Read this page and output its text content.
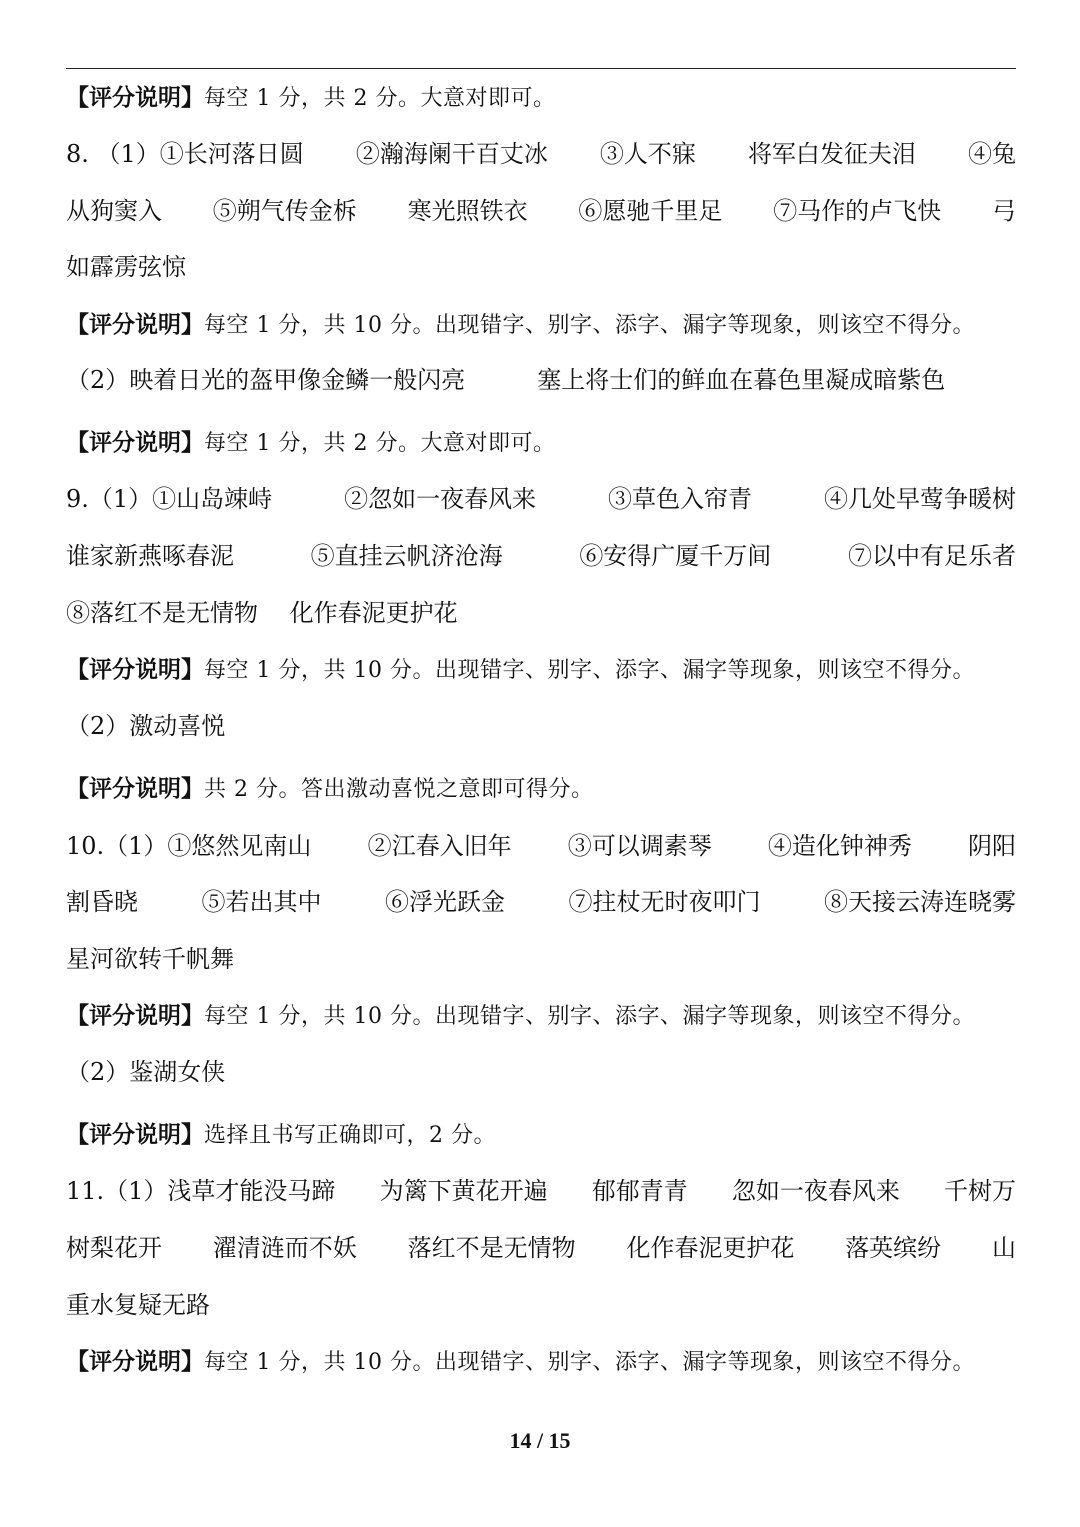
【评分说明】每空 1 分，共 2 分。大意对即可。
8. （1）①长河落日圆 ②瀚海阑干百丈冰 ③人不寐 将军白发征夫泪 ④兔
从狗窦入 ⑤朔气传金柝 寒光照铁衣 ⑥愿驰千里足 ⑦马作的卢飞快 弓
如霹雳弦惊
【评分说明】每空 1 分，共 10 分。出现错字、别字、添字、漏字等现象，则该空不得分。
（2）映着日光的盔甲像金鳞一般闪亮　　　塞上将士们的鲜血在暮色里凝成暗紫色
【评分说明】每空 1 分，共 2 分。大意对即可。
9.（1）①山岛竦峙	②忽如一夜春风来	③草色入帘青	④几处早莺争暖树
谁家新燕啄春泥	⑤直挂云帆济沧海	⑥安得广厦千万间	⑦以中有足乐者
⑧落红不是无情物　 化作春泥更护花
【评分说明】每空 1 分，共 10 分。出现错字、别字、添字、漏字等现象，则该空不得分。
（2）激动喜悦
【评分说明】共 2 分。答出激动喜悦之意即可得分。
10.（1）①悠然见南山 ②江春入旧年 ③可以调素琴 ④造化钟神秀 阴阳
割昏晓	⑤若出其中	⑥浮光跃金	⑦拄杖无时夜叩门	⑧天接云涛连晓雾
星河欲转千帆舞
【评分说明】每空 1 分，共 10 分。出现错字、别字、添字、漏字等现象，则该空不得分。
（2）鉴湖女侠
【评分说明】选择且书写正确即可，2 分。
11.（1）浅草才能没马蹄 为篱下黄花开遍 郁郁青青 忽如一夜春风来 千树万
树梨花开 濯清涟而不妖 落红不是无情物 化作春泥更护花 落英缤纷 山
重水复疑无路
【评分说明】每空 1 分，共 10 分。出现错字、别字、添字、漏字等现象，则该空不得分。
14 / 15
